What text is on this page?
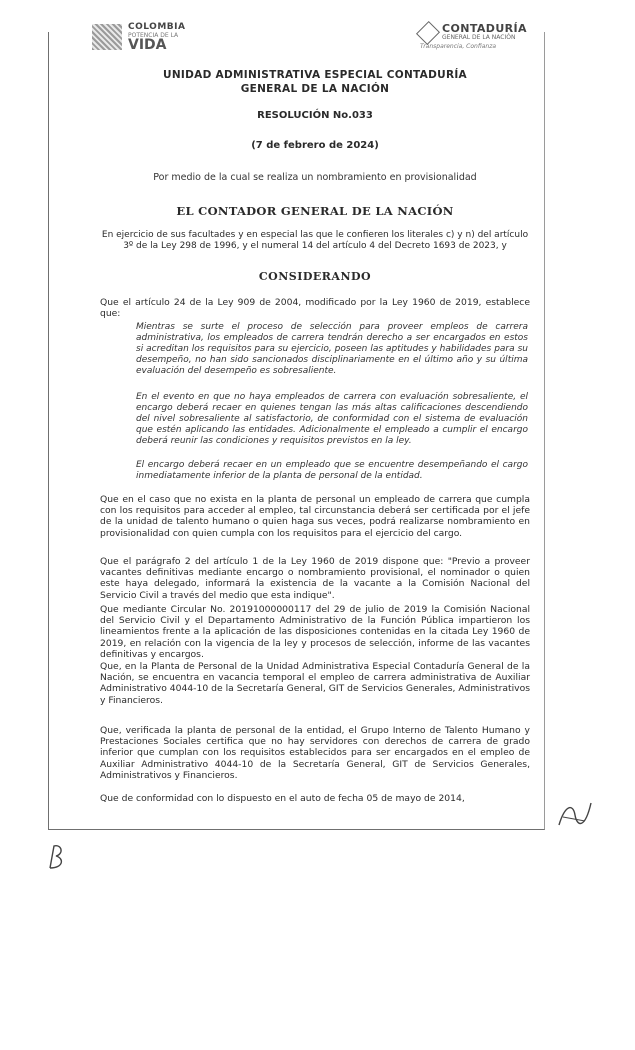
COLOMBIA
POTENCIA DE LA
VIDA
CONTADURÍA
GENERAL DE LA NACIÓN
Transparencia, Confianza
UNIDAD ADMINISTRATIVA ESPECIAL CONTADURÍA
GENERAL DE LA NACIÓN
RESOLUCIÓN No.033
(7 de febrero de 2024)
Por medio de la cual se realiza un nombramiento en provisionalidad
EL CONTADOR GENERAL DE LA NACIÓN
En ejercicio de sus facultades y en especial las que le confieren los literales c) y n) del artículo 3º de la Ley 298 de 1996, y el numeral 14 del artículo 4 del Decreto 1693 de 2023, y
CONSIDERANDO
Que el artículo 24 de la Ley 909 de 2004, modificado por la Ley 1960 de 2019, establece que:
Mientras se surte el proceso de selección para proveer empleos de carrera administrativa, los empleados de carrera tendrán derecho a ser encargados en estos si acreditan los requisitos para su ejercicio, poseen las aptitudes y habilidades para su desempeño, no han sido sancionados disciplinariamente en el último año y su última evaluación del desempeño es sobresaliente.
En el evento en que no haya empleados de carrera con evaluación sobresaliente, el encargo deberá recaer en quienes tengan las más altas calificaciones descendiendo del nivel sobresaliente al satisfactorio, de conformidad con el sistema de evaluación que estén aplicando las entidades. Adicionalmente el empleado a cumplir el encargo deberá reunir las condiciones y requisitos previstos en la ley.
El encargo deberá recaer en un empleado que se encuentre desempeñando el cargo inmediatamente inferior de la planta de personal de la entidad.
Que en el caso que no exista en la planta de personal un empleado de carrera que cumpla con los requisitos para acceder al empleo, tal circunstancia deberá ser certificada por el jefe de la unidad de talento humano o quien haga sus veces, podrá realizarse nombramiento en provisionalidad con quien cumpla con los requisitos para el ejercicio del cargo.
Que el parágrafo 2 del artículo 1 de la Ley 1960 de 2019 dispone que: "Previo a proveer vacantes definitivas mediante encargo o nombramiento provisional, el nominador o quien este haya delegado, informará la existencia de la vacante a la Comisión Nacional del Servicio Civil a través del medio que esta indique".
Que mediante Circular No. 20191000000117 del 29 de julio de 2019 la Comisión Nacional del Servicio Civil y el Departamento Administrativo de la Función Pública impartieron los lineamientos frente a la aplicación de las disposiciones contenidas en la citada Ley 1960 de 2019, en relación con la vigencia de la ley y procesos de selección, informe de las vacantes definitivas y encargos.
Que, en la Planta de Personal de la Unidad Administrativa Especial Contaduría General de la Nación, se encuentra en vacancia temporal el empleo de carrera administrativa de Auxiliar Administrativo 4044-10 de la Secretaría General, GIT de Servicios Generales, Administrativos y Financieros.
Que, verificada la planta de personal de la entidad, el Grupo Interno de Talento Humano y Prestaciones Sociales certifica que no hay servidores con derechos de carrera de grado inferior que cumplan con los requisitos establecidos para ser encargados en el empleo de Auxiliar Administrativo 4044-10 de la Secretaría General, GIT de Servicios Generales, Administrativos y Financieros.
Que de conformidad con lo dispuesto en el auto de fecha 05 de mayo de 2014,
